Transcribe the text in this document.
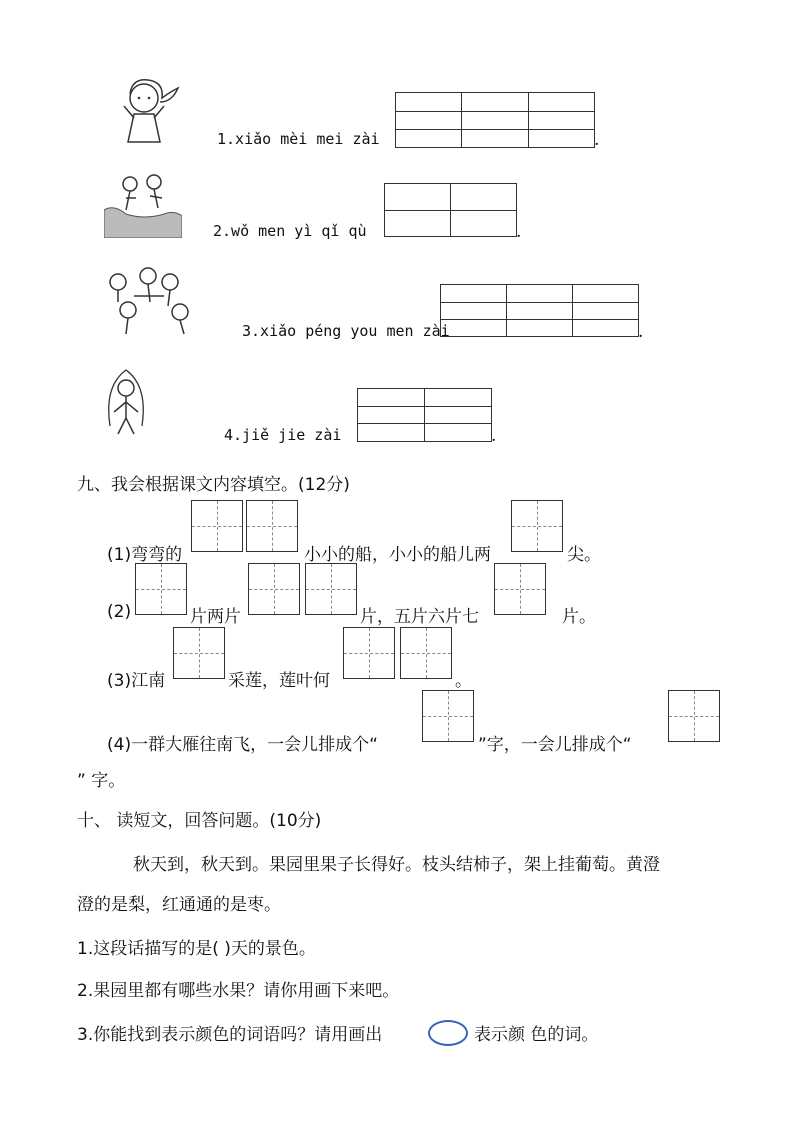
1.xiǎo mèi mei zài	.
2.wǒ men yì qǐ qù	.
3.xiǎo péng you men zài	.
4.jiě jie zài	.
九、我会根据课文内容填空。(12分)
(1)弯弯的	小小的船，小小的船儿两	尖。
(2)	片两片	片，五片六片七	片。
(3)江南	采莲，莲叶何	。
(4)一群大雁往南飞，一会儿排成个“	”字，一会儿排成个“
” 字。
十、 读短文，回答问题。(10分)
秋天到，秋天到。果园里果子长得好。枝头结柿子，架上挂葡萄。黄澄
澄的是梨，红通通的是枣。
1.这段话描写的是( )天的景色。
2.果园里都有哪些水果？请你用画下来吧。
3.你能找到表示颜色的词语吗？请用画出	表示颜 色的词。
